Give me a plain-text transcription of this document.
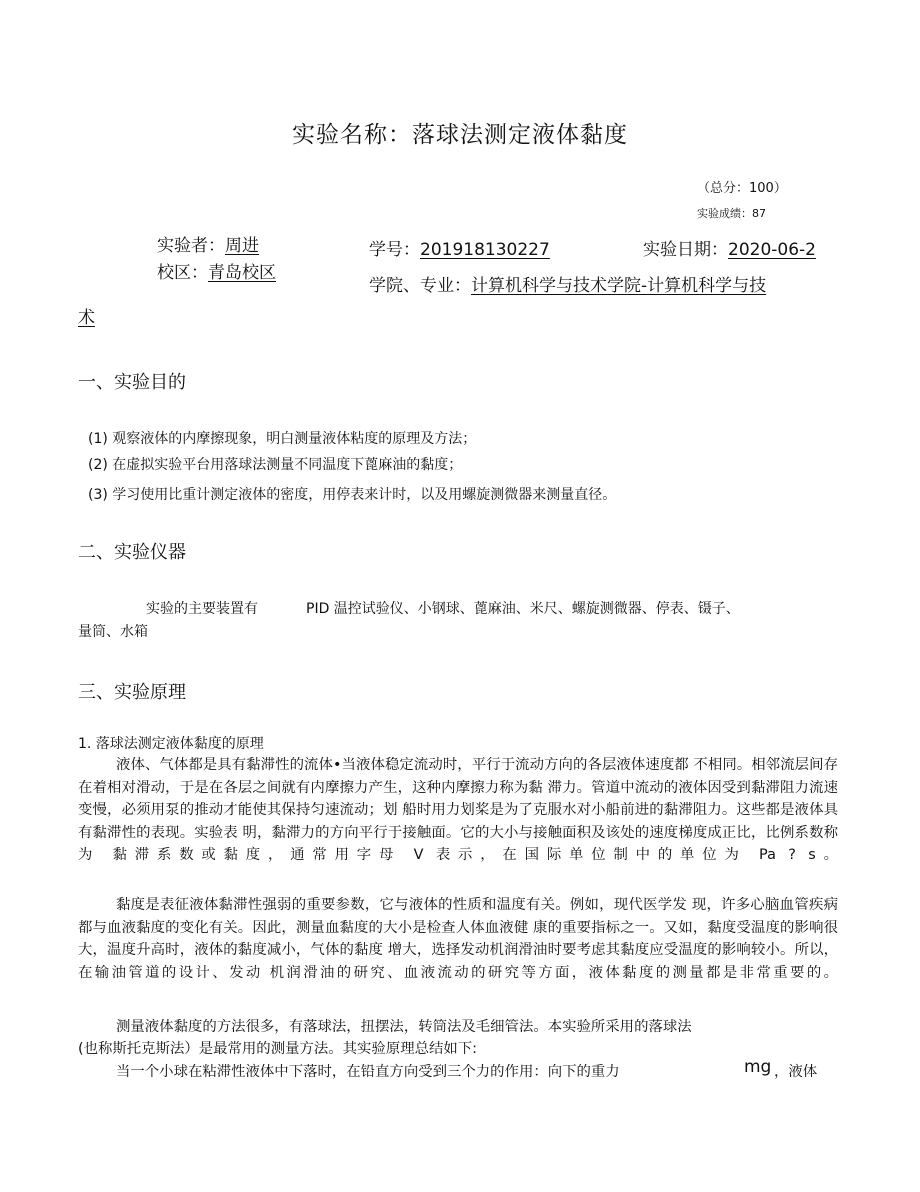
实验名称：落球法测定液体黏度
（总分：100）
实验成绩：87
实验者：周进	学号：201918130227	实验日期：2020-06-2
校区：青岛校区
学院、专业：计算机科学与技术学院-计算机科学与技
术
一、实验目的
(1) 观察液体的内摩擦现象，明白测量液体粘度的原理及方法；
(2) 在虚拟实验平台用落球法测量不同温度下蓖麻油的黏度；
(3) 学习使用比重计测定液体的密度，用停表来计时，以及用螺旋测微器来测量直径。
二、实验仪器
实验的主要装置有	PID 温控试验仪、小钢球、蓖麻油、米尺、螺旋测微器、停表、镊子、
量筒、水箱
三、实验原理
1. 落球法测定液体黏度的原理
液体、气体都是具有黏滞性的流体•当液体稳定流动时，平行于流动方向的各层液体速度都 不相同。相邻流层间存在着相对滑动，于是在各层之间就有内摩擦力产生，这种内摩擦力称为黏 滞力。管道中流动的液体因受到黏滞阻力流速变慢，必须用泵的推动才能使其保持匀速流动；划 船时用力划桨是为了克服水对小船前进的黏滞阻力。这些都是液体具有黏滞性的表现。实验表 明，黏滞力的方向平行于接触面。它的大小与接触面积及该处的速度梯度成正比，比例系数称为 黏滞系数或黏度，通常用字母 V 表示，在国际单位制中的单位为 Pa ? s。
黏度是表征液体黏滞性强弱的重要参数，它与液体的性质和温度有关。例如，现代医学发 现，许多心脑血管疾病都与血液黏度的变化有关。因此，测量血黏度的大小是检查人体血液健 康的重要指标之一。又如，黏度受温度的影响很大，温度升高时，液体的黏度减小，气体的黏度 增大，选择发动机润滑油时要考虑其黏度应受温度的影响较小。所以，在输油管道的设计、发动 机润滑油的研究、血液流动的研究等方面，液体黏度的测量都是非常重要的。
测量液体黏度的方法很多，有落球法，扭摆法，转筒法及毛细管法。本实验所采用的落球法
(也称斯托克斯法）是最常用的测量方法。其实验原理总结如下:
当一个小球在粘滞性液体中下落时，在铅直方向受到三个力的作用：向下的重力	mg ，液体
